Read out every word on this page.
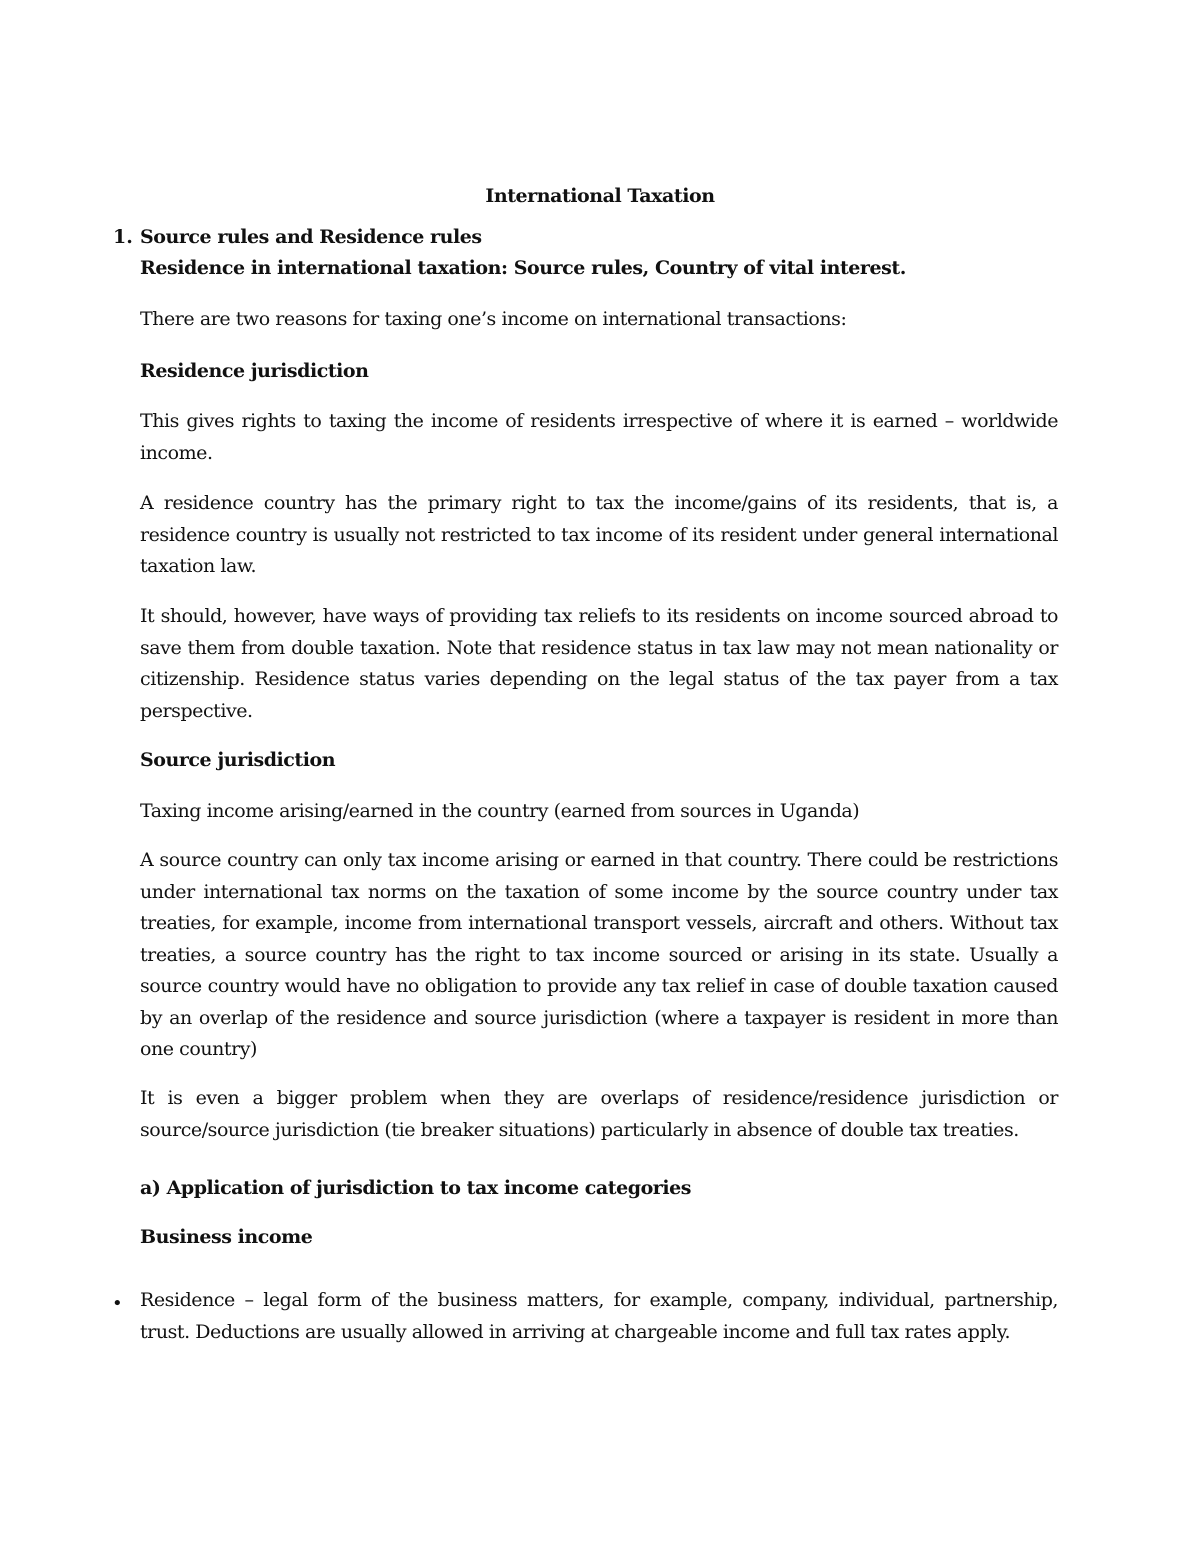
International Taxation
1. Source rules and Residence rules

Residence in international taxation: Source rules, Country of vital interest.

There are two reasons for taxing one’s income on international transactions:

Residence jurisdiction

This gives rights to taxing the income of residents irrespective of where it is earned – worldwide income.

A residence country has the primary right to tax the income/gains of its residents, that is, a residence country is usually not restricted to tax income of its resident under general international taxation law.

It should, however, have ways of providing tax reliefs to its residents on income sourced abroad to save them from double taxation. Note that residence status in tax law may not mean nationality or citizenship. Residence status varies depending on the legal status of the tax payer from a tax perspective.

Source jurisdiction

Taxing income arising/earned in the country (earned from sources in Uganda)

A source country can only tax income arising or earned in that country. There could be restrictions under international tax norms on the taxation of some income by the source country under tax treaties, for example, income from international transport vessels, aircraft and others. Without tax treaties, a source country has the right to tax income sourced or arising in its state. Usually a source country would have no obligation to provide any tax relief in case of double taxation caused by an overlap of the residence and source jurisdiction (where a taxpayer is resident in more than one country)

It is even a bigger problem when they are overlaps of residence/residence jurisdiction or source/source jurisdiction (tie breaker situations) particularly in absence of double tax treaties.

a) Application of jurisdiction to tax income categories

Business income

• Residence – legal form of the business matters, for example, company, individual, partnership, trust. Deductions are usually allowed in arriving at chargeable income and full tax rates apply.
